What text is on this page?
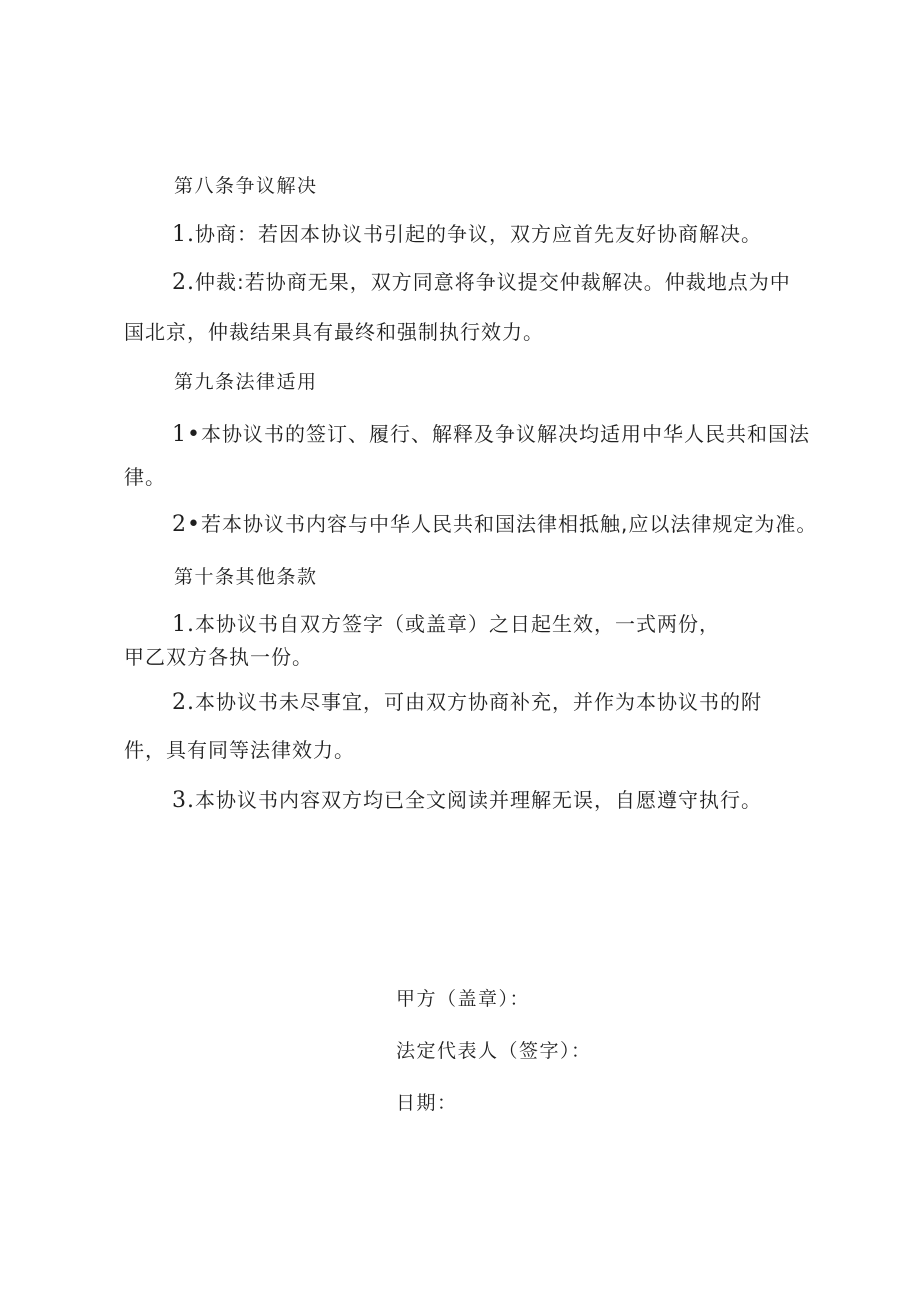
第八条争议解决
1.协商：若因本协议书引起的争议，双方应首先友好协商解决。
2.仲裁:若协商无果，双方同意将争议提交仲裁解决。仲裁地点为中
国北京，仲裁结果具有最终和强制执行效力。
第九条法律适用
1•本协议书的签订、履行、解释及争议解决均适用中华人民共和国法
律。
2•若本协议书内容与中华人民共和国法律相抵触,应以法律规定为准。
第十条其他条款
1.本协议书自双方签字（或盖章）之日起生效，一式两份，
甲乙双方各执一份。
2.本协议书未尽事宜，可由双方协商补充，并作为本协议书的附
件，具有同等法律效力。
3.本协议书内容双方均已全文阅读并理解无误，自愿遵守执行。
甲方（盖章）：
法定代表人（签字）：
日期：
